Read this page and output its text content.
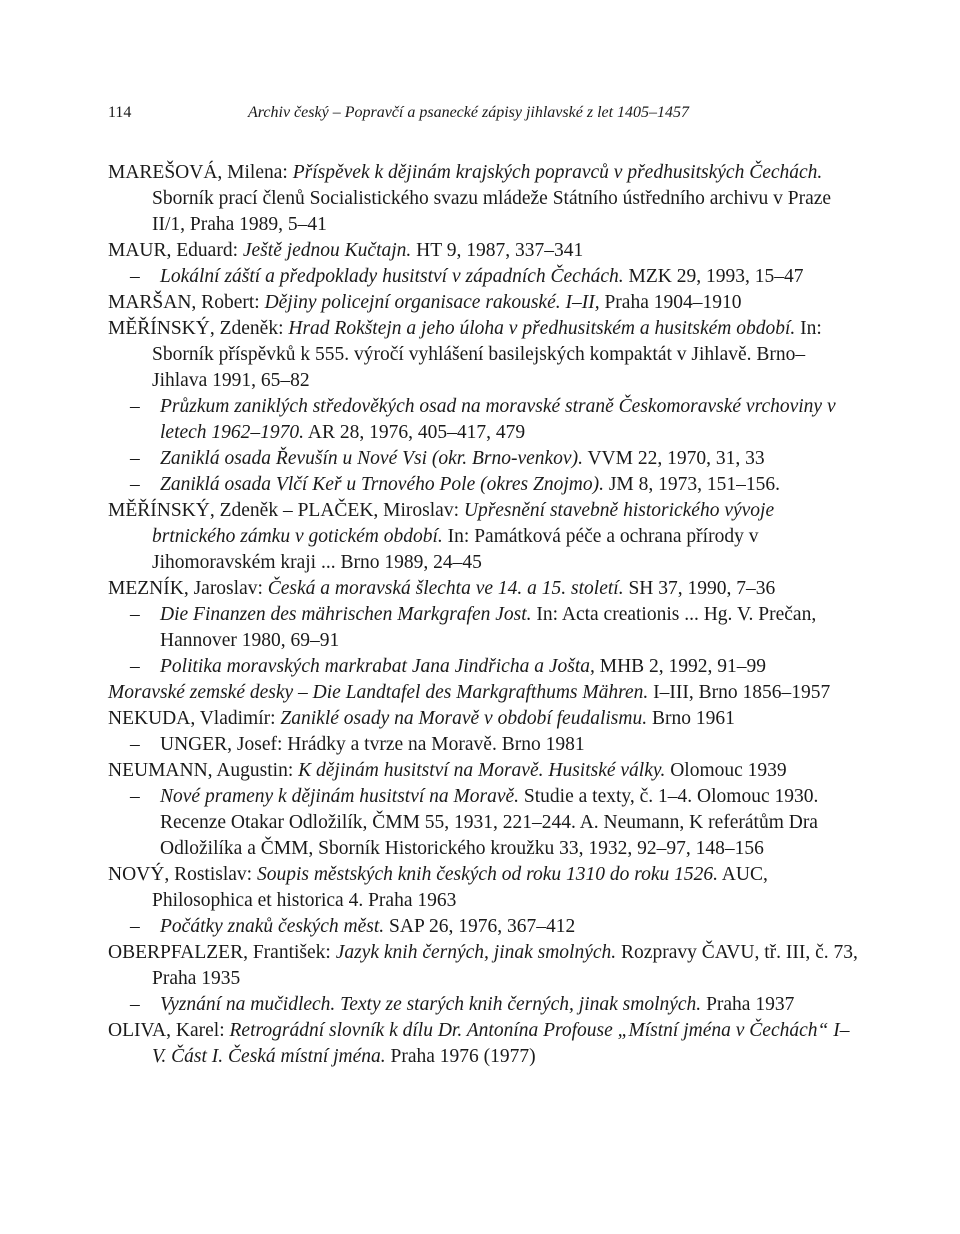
114	Archiv český – Popravčí a psanecké zápisy jihlavské z let 1405–1457

MAREŠOVÁ, Milena: Příspěvek k dějinám krajských popravců v předhusitských Čechách. Sborník prací členů Socialistického svazu mládeže Státního ústředního archivu v Praze II/1, Praha 1989, 5–41

MAUR, Eduard: Ještě jednou Kučtajn. HT 9, 1987, 337–341

– Lokální záští a předpoklady husitství v západních Čechách. MZK 29, 1993, 15–47

MARŠAN, Robert: Dějiny policejní organisace rakouské. I–II, Praha 1904–1910

MĚŘÍNSKÝ, Zdeněk: Hrad Rokštejn a jeho úloha v předhusitském a husitském období. In: Sborník příspěvků k 555. výročí vyhlášení basilejských kompaktát v Jihlavě. Brno–Jihlava 1991, 65–82

– Průzkum zaniklých středověkých osad na moravské straně Českomoravské vrchoviny v letech 1962–1970. AR 28, 1976, 405–417, 479

– Zaniklá osada Řevušín u Nové Vsi (okr. Brno-venkov). VVM 22, 1970, 31, 33

– Zaniklá osada Vlčí Keř u Trnového Pole (okres Znojmo). JM 8, 1973, 151–156.

MĚŘÍNSKÝ, Zdeněk – PLAČEK, Miroslav: Upřesnění stavebně historického vývoje brtnického zámku v gotickém období. In: Památková péče a ochrana přírody v Jihomoravském kraji ... Brno 1989, 24–45

MEZNÍK, Jaroslav: Česká a moravská šlechta ve 14. a 15. století. SH 37, 1990, 7–36

– Die Finanzen des mährischen Markgrafen Jost. In: Acta creationis ... Hg. V. Prečan, Hannover 1980, 69–91

– Politika moravských markrabat Jana Jindřicha a Jošta, MHB 2, 1992, 91–99

Moravské zemské desky – Die Landtafel des Markgrafthums Mähren. I–III, Brno 1856–1957

NEKUDA, Vladimír: Zaniklé osady na Moravě v období feudalismu. Brno 1961

– UNGER, Josef: Hrádky a tvrze na Moravě. Brno 1981

NEUMANN, Augustin: K dějinám husitství na Moravě. Husitské války. Olomouc 1939

– Nové prameny k dějinám husitství na Moravě. Studie a texty, č. 1–4. Olomouc 1930. Recenze Otakar Odložilík, ČMM 55, 1931, 221–244. A. Neumann, K referátům Dra Odložilíka a ČMM, Sborník Historického kroužku 33, 1932, 92–97, 148–156

NOVÝ, Rostislav: Soupis městských knih českých od roku 1310 do roku 1526. AUC, Philosophica et historica 4. Praha 1963

– Počátky znaků českých měst. SAP 26, 1976, 367–412

OBERPFALZER, František: Jazyk knih černých, jinak smolných. Rozpravy ČAVU, tř. III, č. 73, Praha 1935

– Vyznání na mučidlech. Texty ze starých knih černých, jinak smolných. Praha 1937

OLIVA, Karel: Retrográdní slovník k dílu Dr. Antonína Profouse „Místní jména v Čechách“ I–V. Část I. Česká místní jména. Praha 1976 (1977)
